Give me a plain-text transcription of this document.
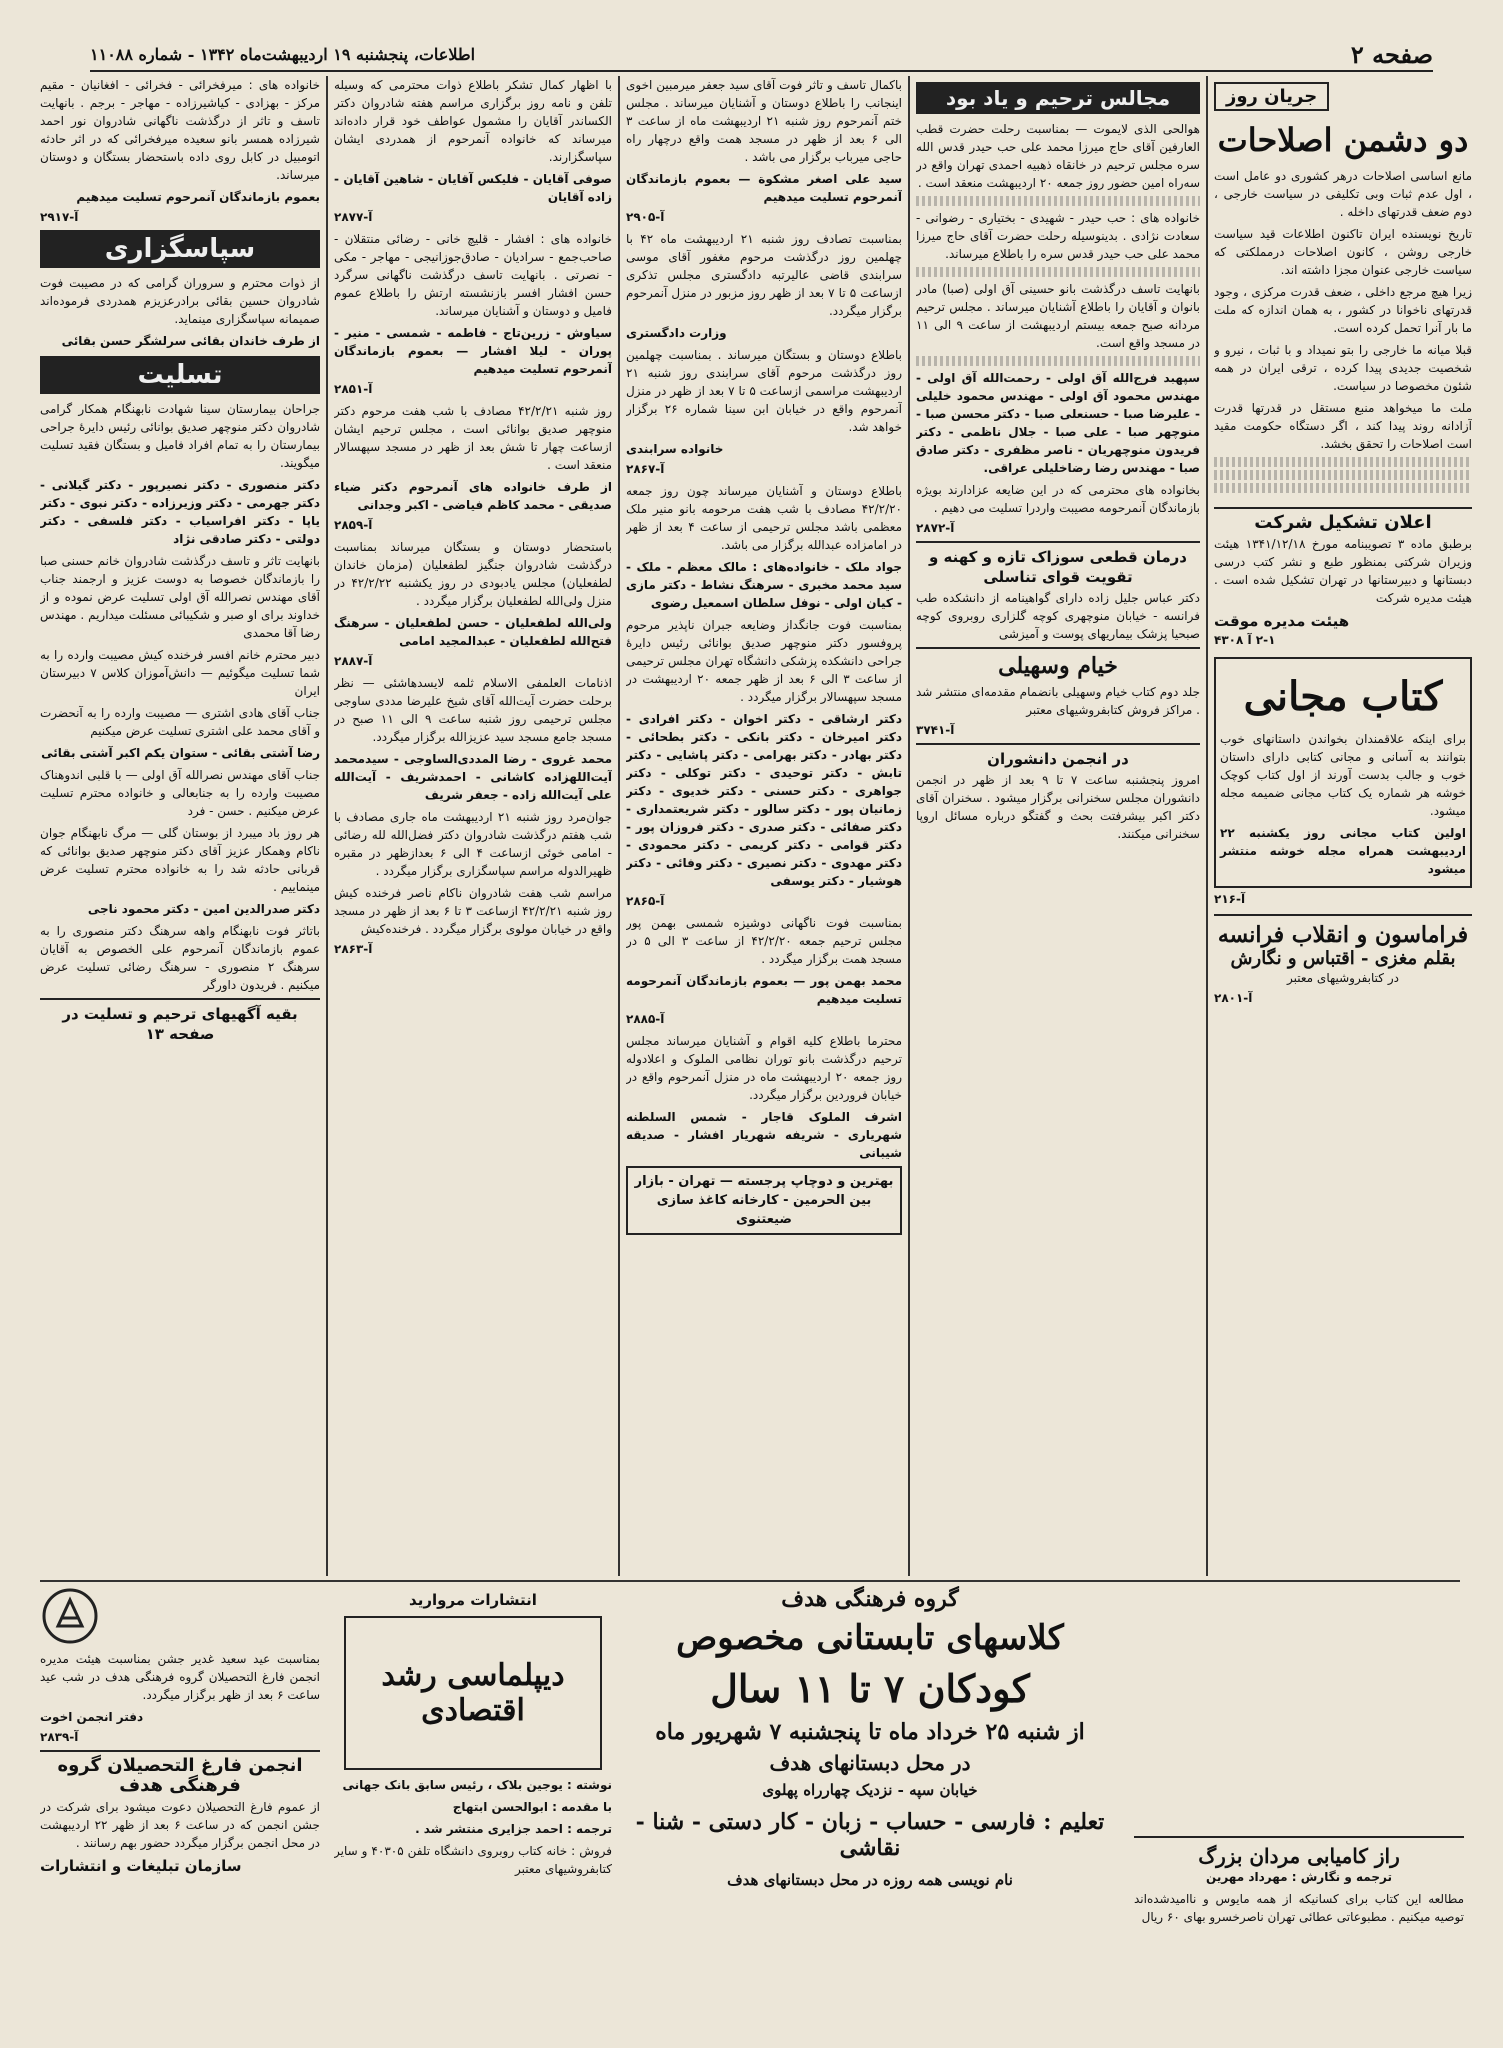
صفحه ۲
اطلاعات، پنجشنبه ۱۹ اردیبهشت‌ماه ۱۳۴۲ - شماره ۱۱۰۸۸
جریان روز
دو دشمن اصلاحات

مانع اساسی اصلاحات درهر کشوری دو عامل است ، اول عدم ثبات وبی تکلیفی در سیاست خارجی ، دوم ضعف قدرتهای داخله .

تاریخ نویسنده ایران تاکنون اطلاعات قید سیاست خارجی روشن ، کانون اصلاحات درمملکتی که سیاست خارجی عنوان مجزا داشته اند.

زیرا هیچ مرجع داخلی ، ضعف قدرت مرکزی ، وجود قدرتهای ناخوانا در کشور ، به همان اندازه که ملت ما بار آنرا تحمل کرده است.

قبلا میانه ما خارجی را بتو نمیداد و با ثبات ، نیرو و شخصیت جدیدی پیدا کرده ، ترقی ایران در همه شئون مخصوصا در سیاست.

ملت ما میخواهد منبع مستقل در قدرتها قدرت آزادانه روند پیدا کند ، اگر دستگاه حکومت مقید است اصلاحات را تحقق بخشد.

اعلان تشکیل شرکت

برطبق ماده ۳ تصویبنامه مورخ ۱۳۴۱/۱۲/۱۸ هیئت وزیران شرکتی بمنظور طبع و نشر کتب درسی دبستانها و دبیرستانها در تهران تشکیل شده است . هیئت مدیره شرکت

هیئت مدیره موقت
۲-۱ آ ۴۳۰۸
کتاب مجانی

برای اینکه علاقمندان بخواندن داستانهای خوب بتوانند به آسانی و مجانی کتابی دارای داستان خوب و جالب بدست آورند از اول کتاب کوچک خوشه هر شماره یک کتاب مجانی ضمیمه مجله میشود.

اولین کتاب مجانی روز یکشنبه ۲۲ اردیبهشت همراه مجله خوشه منتشر میشود

آ-۲۱۶
فراماسون و انقلاب فرانسه
بقلم مغزی - اقتباس و نگارش
در کتابفروشیهای معتبر
آ-۲۸۰۱
مجالس ترحیم و یاد بود

هوالحی الذی لایموت — بمناسبت رحلت حضرت قطب العارفین آقای حاج میرزا محمد علی حب حیدر قدس الله سره مجلس ترحیم در خانقاه ذهبیه احمدی تهران واقع در سه‌راه امین حضور روز جمعه ۲۰ اردیبهشت منعقد است .

خانواده های : حب حیدر - شهیدی - بختیاری - رضوانی - سعادت نژادی . بدینوسیله رحلت حضرت آقای حاج میرزا محمد علی حب حیدر قدس سره را باطلاع میرساند.

بانهایت تاسف درگذشت بانو حسینی آق اولی (صبا) مادر بانوان و آقایان را باطلاع آشنایان میرساند . مجلس ترحیم مردانه صبح جمعه بیستم اردیبهشت از ساعت ۹ الی ۱۱ در مسجد واقع است.

سپهبد فرج‌الله آق اولی - رحمت‌الله آق اولی - مهندس محمود آق اولی - مهندس محمود خلیلی - علیرضا صبا - حسنعلی صبا - دکتر محسن صبا - منوچهر صبا - علی صبا - جلال ناظمی - دکتر فریدون منوچهریان - ناصر مظفری - دکتر صادق صبا - مهندس رضا رضاخلیلی عراقی.

بخانواده های محترمی که در این ضایعه عزادارند بویژه بازماندگان آنمرحومه مصیبت واردرا تسلیت می دهیم .

آ-۲۸۷۲
درمان قطعی سوزاک تازه و کهنه و تقویت قوای تناسلی

دکتر عباس جلیل زاده دارای گواهینامه از دانشکده طب فرانسه - خیابان منوچهری کوچه گلزاری روبروی کوچه صبحیا پزشک بیماریهای پوست و آمیزشی

خیام وسهیلی

جلد دوم کتاب خیام وسهیلی بانضمام مقدمه‌ای منتشر شد . مراکز فروش کتابفروشیهای معتبر

آ-۳۷۴۱
در انجمن دانشوران

امروز پنجشنبه ساعت ۷ تا ۹ بعد از ظهر در انجمن دانشوران مجلس سخنرانی برگزار میشود . سخنران آقای دکتر اکبر بیشرفتت بحث و گفتگو درباره مسائل اروپا سخنرانی میکنند.

باکمال تاسف و تاثر فوت آقای سید جعفر میرمبین اخوی اینجانب را باطلاع دوستان و آشنایان میرساند . مجلس ختم آنمرحوم روز شنبه ۲۱ اردیبهشت ماه از ساعت ۳ الی ۶ بعد از ظهر در مسجد همت واقع درچهار راه حاجی میرباب برگزار می باشد .

سید علی اصغر مشکوة — بعموم بازماندگان آنمرحوم تسلیت میدهیم

آ-۲۹۰۵

بمناسبت تصادف روز شنبه ۲۱ اردیبهشت ماه ۴۲ با چهلمین روز درگذشت مرحوم مغفور آقای موسی سرابندی قاضی عالیرتبه دادگستری مجلس تذکری ازساعت ۵ تا ۷ بعد از ظهر روز مزبور در منزل آنمرحوم برگزار میگردد.

وزارت دادگستری

باطلاع دوستان و بستگان میرساند . بمناسبت چهلمین روز درگذشت مرحوم آقای سرابندی روز شنبه ۲۱ اردیبهشت مراسمی ازساعت ۵ تا ۷ بعد از ظهر در منزل آنمرحوم واقع در خیابان ابن سینا شماره ۲۶ برگزار خواهد شد.

خانواده سرابندی

آ-۲۸۶۷

باطلاع دوستان و آشنایان میرساند چون روز جمعه ۴۲/۲/۲۰ مصادف با شب هفت مرحومه بانو منیر ملک معظمی باشد مجلس ترحیمی از ساعت ۴ بعد از ظهر در امامزاده عبدالله برگزار می باشد.

جواد ملک - خانواده‌های : مالک معظم - ملک - سید محمد مخبری - سرهنگ نشاط - دکتر مازی - کیان اولی - نوفل سلطان اسمعیل رضوی

بمناسبت فوت جانگداز وضایعه جبران ناپذیر مرحوم پروفسور دکتر منوچهر صدیق بوانائی رئیس دایرۀ جراحی دانشکده پزشکی دانشگاه تهران مجلس ترحیمی از ساعت ۳ الی ۶ بعد از ظهر جمعه ۲۰ اردیبهشت در مسجد سپهسالار برگزار میگردد .

دکتر ارشاقی - دکتر اخوان - دکتر افرادی - دکتر امیرخان - دکتر بانکی - دکتر بطحائی - دکتر بهادر - دکتر بهرامی - دکتر پاشایی - دکتر تابش - دکتر توحیدی - دکتر توکلی - دکتر جواهری - دکتر حسنی - دکتر خدیوی - دکتر زمانیان پور - دکتر سالور - دکتر شریعتمداری - دکتر صفائی - دکتر صدری - دکتر فروزان پور - دکتر قوامی - دکتر کریمی - دکتر محمودی - دکتر مهدوی - دکتر نصیری - دکتر وفائی - دکتر هوشیار - دکتر یوسفی

آ-۲۸۶۵

بمناسبت فوت ناگهانی دوشیزه شمسی بهمن پور مجلس ترحیم جمعه ۴۲/۲/۲۰ از ساعت ۳ الی ۵ در مسجد همت برگزار میگردد .

محمد بهمن پور — بعموم بازماندگان آنمرحومه تسلیت میدهیم

آ-۲۸۸۵

محترما باطلاع کلیه اقوام و آشنایان میرساند مجلس ترحیم درگذشت بانو توران نظامی الملوک و اعلادوله روز جمعه ۲۰ اردیبهشت ماه در منزل آنمرحوم واقع در خیابان فروردین برگزار میگردد.

اشرف الملوک قاجار - شمس السلطنه شهریاری - شریفه شهریار افشار - صدیقه شیبانی

بهترین و دوچاپ پرجسته — تهران - بازار بین الحرمین - کارخانه کاغذ سازی ضیعتنوی

با اظهار کمال تشکر باطلاع ذوات محترمی که وسیله تلفن و نامه روز برگزاری مراسم هفته شادروان دکتر الکساندر آقایان را مشمول عواطف خود قرار داده‌اند میرساند که خانواده آنمرحوم از همدردی ایشان سپاسگزارند.

صوفی آقایان - فلیکس آقایان - شاهین آقایان - زاده آقایان

آ-۲۸۷۷

خانواده های : افشار - قلیچ خانی - رضائی منتقلان - صاحب‌جمع - سرادیان - صادق‌جوزانیجی - مهاجر - مکی - نصرتی . بانهایت تاسف درگذشت ناگهانی سرگرد حسن افشار افسر بازنشسته ارتش را باطلاع عموم فامیل و دوستان و آشنایان میرساند.

سیاوش - زرین‌تاج - فاطمه - شمسی - منیر - پوران - لیلا افشار — بعموم بازماندگان آنمرحوم تسلیت میدهیم

آ-۲۸۵۱

روز شنبه ۴۲/۲/۲۱ مصادف با شب هفت مرحوم دکتر منوچهر صدیق بوانائی است ، مجلس ترحیم ایشان ازساعت چهار تا شش بعد از ظهر در مسجد سپهسالار منعقد است .

از طرف خانواده های آنمرحوم دکتر ضیاء صدیقی - محمد کاظم فیاضی - اکبر وجدانی

آ-۲۸۵۹

باستحضار دوستان و بستگان میرساند بمناسبت درگذشت شادروان جنگیز لطفعلیان (مزمان خاندان لطفعلیان) مجلس یادبودی در روز یکشنبه ۴۲/۲/۲۲ در منزل ولی‌الله لطفعلیان برگزار میگردد .

ولی‌الله لطفعلیان - حسن لطفعلیان - سرهنگ فتح‌الله لطفعلیان - عبدالمجید امامی

آ-۲۸۸۷

اذنامات العلمفی الاسلام ثلمه لایسدهاشئی — نظر برحلت حضرت آیت‌الله آقای شیخ علیرضا مددی ساوجی مجلس ترحیمی روز شنبه ساعت ۹ الی ۱۱ صبح در مسجد جامع مسجد سید عزیزالله برگزار میگردد.

محمد غروی - رضا المددی‌الساوجی - سیدمحمد آیت‌اللهزاده کاشانی - احمدشریف - آیت‌الله علی آیت‌الله زاده - جعفر شریف

جوان‌مرد روز شنبه ۲۱ اردیبهشت ماه جاری مصادف با شب هفتم درگذشت شادروان دکتر فضل‌الله لله رضائی - امامی خوئی ازساعت ۴ الی ۶ بعدازظهر در مقبره ظهیرالدوله مراسم سپاسگزاری برگزار میگردد .

مراسم شب هفت شادروان ناکام ناصر فرخنده کیش روز شنبه ۴۲/۲/۲۱ ازساعت ۳ تا ۶ بعد از ظهر در مسجد واقع در خیابان مولوی برگزار میگردد . فرخنده‌کیش

آ-۲۸۶۳

خانواده های : میرفخرائی - فخرائی - افغانیان - مقیم مرکز - بهزادی - کیاشیرزاده - مهاجر - برجم . بانهایت تاسف و تاثر از درگذشت ناگهانی شادروان نور احمد شیرزاده همسر بانو سعیده میرفخرائی که در اثر حادثه اتومبیل در کابل روی داده باستحضار بستگان و دوستان میرساند.

بعموم بازماندگان آنمرحوم تسلیت میدهیم

آ-۲۹۱۷
سپاسگزاری

از ذوات محترم و سروران گرامی که در مصیبت فوت شادروان حسین بقائی برادرعزیزم همدردی فرموده‌اند صمیمانه سپاسگزاری مینماید.

از طرف خاندان بقائی سرلشگر حسن بقائی

تسلیت

جراحان بیمارستان سینا شهادت نابهنگام همکار گرامی شادروان دکتر منوچهر صدیق بوانائی رئیس دایرۀ جراحی بیمارستان را به تمام افراد فامیل و بستگان فقید تسلیت میگویند.

دکتر منصوری - دکتر نصیرپور - دکتر گیلانی - دکتر جهرمی - دکتر وزیرزاده - دکتر نبوی - دکتر یاپا - دکتر افراسیاب - دکتر فلسفی - دکتر دولتی - دکتر صادقی نژاد

بانهایت تاثر و تاسف درگذشت شادروان خانم حسنی صبا را بازماندگان خصوصا به دوست عزیز و ارجمند جناب آقای مهندس نصرالله آق اولی تسلیت عرض نموده و از خداوند برای او صبر و شکیبائی مسئلت میداریم . مهندس رضا آقا محمدی

دبیر محترم خانم افسر فرخنده کیش مصیبت وارده را به شما تسلیت میگوئیم — دانش‌آموزان کلاس ۷ دبیرستان ایران

جناب آقای هادی اشتری — مصیبت وارده را به آنحضرت و آقای محمد علی اشتری تسلیت عرض میکنیم

رضا آشتی بقائی - ستوان یکم اکبر آشتی بقائی

جناب آقای مهندس نصرالله آق اولی — با قلبی اندوهناک مصیبت وارده را به جنابعالی و خانواده محترم تسلیت عرض میکنیم . حسن - فرد

هر روز باد میبرد از بوستان گلی — مرگ نابهنگام جوان ناکام وهمکار عزیز آقای دکتر منوچهر صدیق بوانائی که قربانی حادثه شد را به خانواده محترم تسلیت عرض مینماییم .

دکتر صدرالدین امین - دکتر محمود ناجی

باتاثر فوت نابهنگام واهه سرهنگ دکتر منصوری را به عموم بازماندگان آنمرحوم علی الخصوص به آقایان سرهنگ ۲ منصوری - سرهنگ رضائی تسلیت عرض میکنیم . فریدون داورگر

بقیه آگهیهای ترحیم و تسلیت در صفحه ۱۳
راز کامیابی مردان بزرگ
ترجمه و نگارش : مهرداد مهرین

مطالعه این کتاب برای کسانیکه از همه مایوس و ناامیدشده‌اند توصیه میکنیم . مطبوعاتی عطائی تهران ناصرخسرو بهای ۶۰ ریال

گروه فرهنگی هدف
کلاسهای تابستانی مخصوص
کودکان ۷ تا ۱۱ سال
از شنبه ۲۵ خرداد ماه تا پنجشنبه ۷ شهریور ماه
در محل دبستانهای هدف
خیابان سپه - نزدیک چهارراه پهلوی
تعلیم : فارسی - حساب - زبان - کار دستی - شنا - نقاشی
نام نویسی همه روزه در محل دبستانهای هدف
انتشارات مروارید
دیپلماسی رشد اقتصادی

نوشته : یوجین بلاک ، رئیس سابق بانک جهانی

با مقدمه : ابوالحسن ابتهاج

ترجمه : احمد جزایری منتشر شد .

فروش : خانه کتاب روبروی دانشگاه تلفن ۴۰۳۰۵ و سایر کتابفروشیهای معتبر

بمناسبت عید سعید غدیر جشن بمناسبت هیئت مدیره انجمن فارغ التحصیلان گروه فرهنگی هدف در شب عید ساعت ۶ بعد از ظهر برگزار میگردد.

دفتر انجمن اخوت
آ-۲۸۳۹
انجمن فارغ التحصیلان گروه فرهنگی هدف

از عموم فارغ التحصیلان دعوت میشود برای شرکت در جشن انجمن که در ساعت ۶ بعد از ظهر ۲۲ اردیبهشت در محل انجمن برگزار میگردد حضور بهم رسانند .

سازمان تبلیغات و انتشارات
